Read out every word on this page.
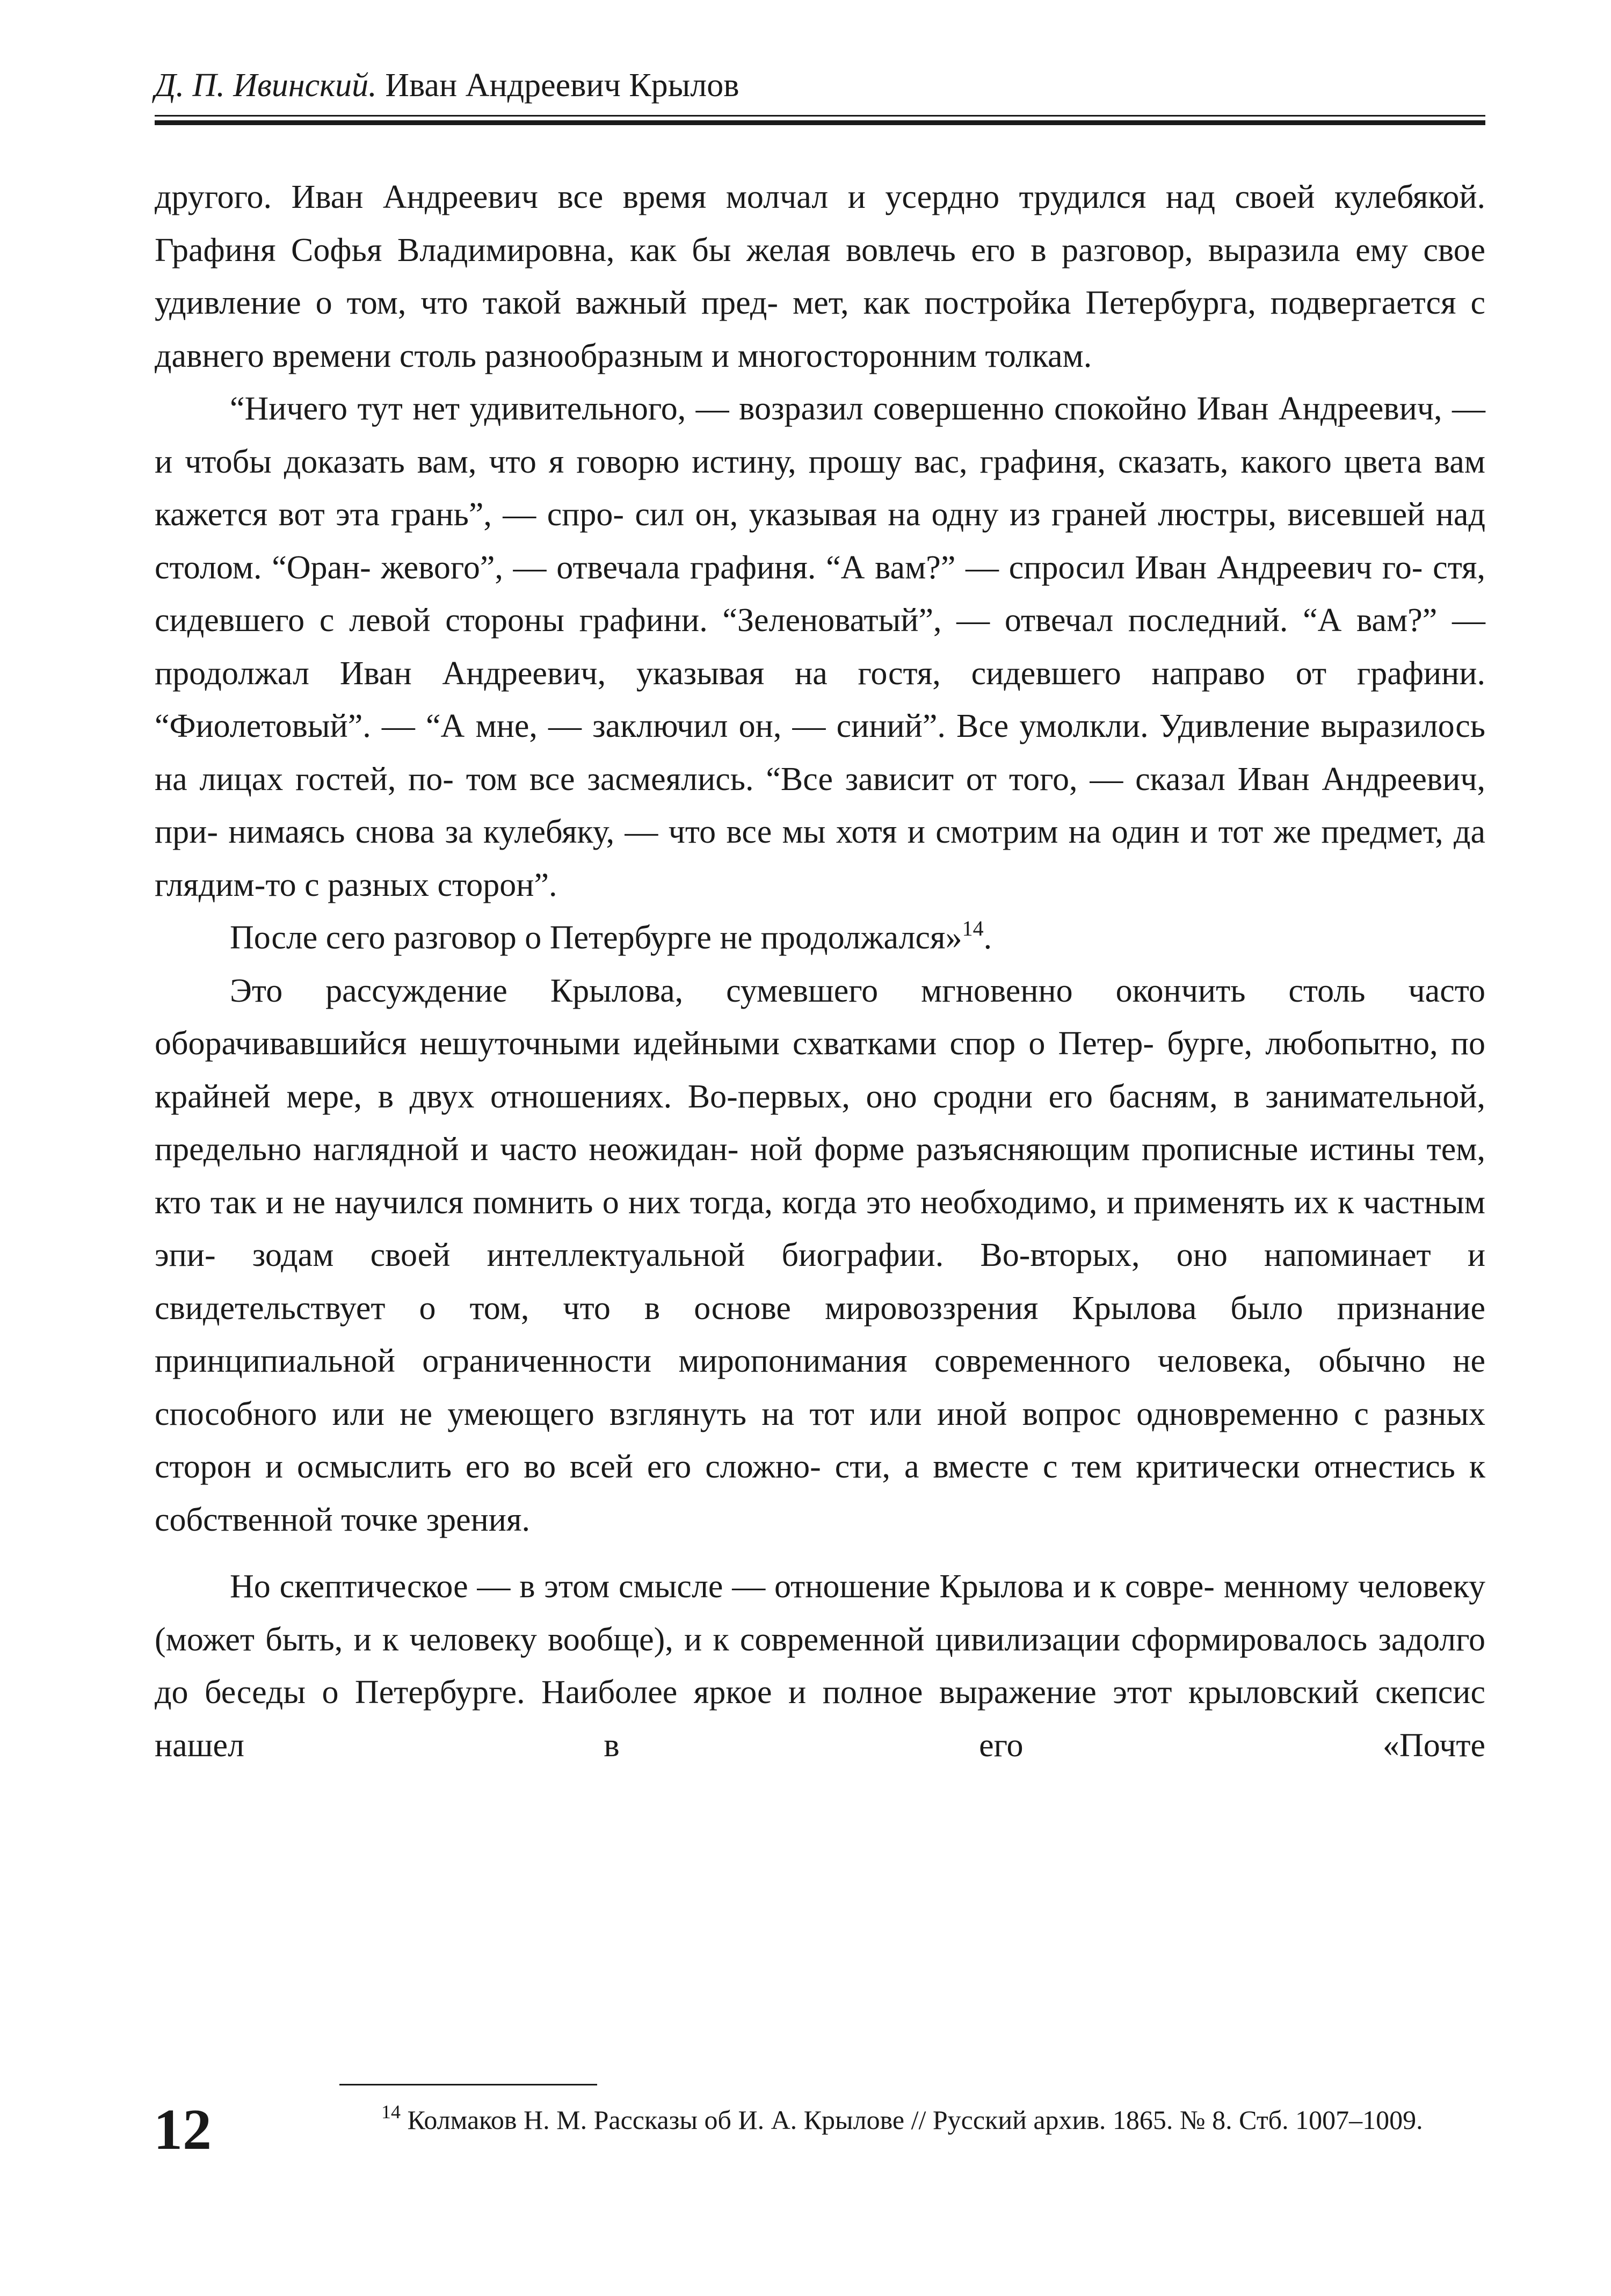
Д. П. Ивинский. Иван Андреевич Крылов

другого. Иван Андреевич все время молчал и усердно трудился над своей кулебякой. Графиня Софья Владимировна, как бы желая вовлечь его в разговор, выразила ему свое удивление о том, что такой важный пред- мет, как постройка Петербурга, подвергается с давнего времени столь разнообразным и многосторонним толкам.

“Ничего тут нет удивительного, — возразил совершенно спокойно Иван Андреевич, — и чтобы доказать вам, что я говорю истину, прошу вас, графиня, сказать, какого цвета вам кажется вот эта грань”, — спро- сил он, указывая на одну из граней люстры, висевшей над столом. “Оран- жевого”, — отвечала графиня. “А вам?” — спросил Иван Андреевич го- стя, сидевшего с левой стороны графини. “Зеленоватый”, — отвечал последний. “А вам?” — продолжал Иван Андреевич, указывая на гостя, сидевшего направо от графини. “Фиолетовый”. — “А мне, — заключил он, — синий”. Все умолкли. Удивление выразилось на лицах гостей, по- том все засмеялись. “Все зависит от того, — сказал Иван Андреевич, при- нимаясь снова за кулебяку, — что все мы хотя и смотрим на один и тот же предмет, да глядим-то с разных сторон”.

После сего разговор о Петербурге не продолжался»$^{14}$.

Это рассуждение Крылова, сумевшего мгновенно окончить столь часто оборачивавшийся нешуточными идейными схватками спор о Петер- бурге, любопытно, по крайней мере, в двух отношениях. Во-первых, оно сродни его басням, в занимательной, предельно наглядной и часто неожидан- ной форме разъясняющим прописные истины тем, кто так и не научился помнить о них тогда, когда это необходимо, и применять их к частным эпи- зодам своей интеллектуальной биографии. Во-вторых, оно напоминает и свидетельствует о том, что в основе мировоззрения Крылова было признание принципиальной ограниченности миропонимания современного человека, обычно не способного или не умеющего взглянуть на тот или иной вопрос одновременно с разных сторон и осмыслить его во всей его сложно- сти, а вместе с тем критически отнестись к собственной точке зрения.

Но скептическое — в этом смысле — отношение Крылова и к совре- менному человеку (может быть, и к человеку вообще), и к современной цивилизации сформировалось задолго до беседы о Петербурге. Наиболее яркое и полное выражение этот крыловский скепсис нашел в его «Почте

$^{14}$ Колмаков Н. М. Рассказы об И. А. Крылове // Русский архив. 1865. № 8. Стб. 1007–1009.

12
